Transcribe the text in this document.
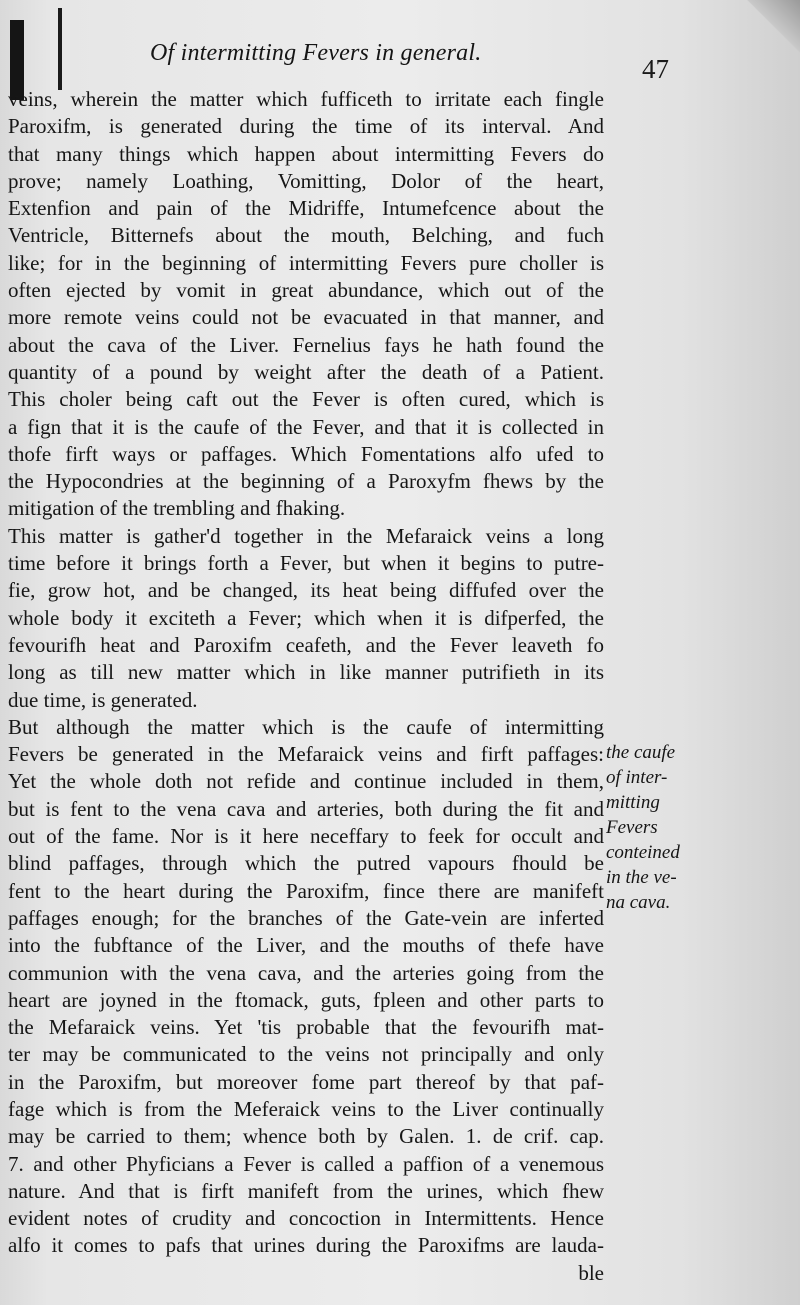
Of intermitting Fevers in general.
47
veins, wherein the matter which fufficeth to irritate each fingle
Paroxifm, is generated during the time of its interval. And
that many things which happen about intermitting Fevers do
prove; namely Loathing, Vomitting, Dolor of the heart,
Extenfion and pain of the Midriffe, Intumefcence about the
Ventricle, Bitternefs about the mouth, Belching, and fuch
like; for in the beginning of intermitting Fevers pure choller is
often ejected by vomit in great abundance, which out of the
more remote veins could not be evacuated in that manner, and
about the cava of the Liver. Fernelius fays he hath found the
quantity of a pound by weight after the death of a Patient.
This choler being caft out the Fever is often cured, which is
a fign that it is the caufe of the Fever, and that it is collected in
thofe firft ways or paffages. Which Fomentations alfo ufed to
the Hypocondries at the beginning of a Paroxyfm fhews by the
mitigation of the trembling and fhaking.
This matter is gather'd together in the Mefaraick veins a long
time before it brings forth a Fever, but when it begins to putre-
fie, grow hot, and be changed, its heat being diffufed over the
whole body it exciteth a Fever; which when it is difperfed, the
fevourifh heat and Paroxifm ceafeth, and the Fever leaveth fo
long as till new matter which in like manner putrifieth in its
due time, is generated.
But although the matter which is the caufe of intermitting
Fevers be generated in the Mefaraick veins and firft paffages:
Yet the whole doth not refide and continue included in them,
but is fent to the vena cava and arteries, both during the fit and
out of the fame. Nor is it here neceffary to feek for occult and
blind paffages, through which the putred vapours fhould be
fent to the heart during the Paroxifm, fince there are manifeft
paffages enough; for the branches of the Gate-vein are inferted
into the fubftance of the Liver, and the mouths of thefe have
communion with the vena cava, and the arteries going from the
heart are joyned in the ftomack, guts, fpleen and other parts to
the Mefaraick veins. Yet 'tis probable that the fevourifh mat-
ter may be communicated to the veins not principally and only
in the Paroxifm, but moreover fome part thereof by that paf-
fage which is from the Meferaick veins to the Liver continually
may be carried to them; whence both by Galen. 1. de crif. cap.
7. and other Phyficians a Fever is called a paffion of a venemous
nature. And that is firft manifeft from the urines, which fhew
evident notes of crudity and concoction in Intermittents. Hence
alfo it comes to pafs that urines during the Paroxifms are lauda-
ble
the caufe
of inter-
mitting
Fevers
conteined
in the ve-
na cava.
